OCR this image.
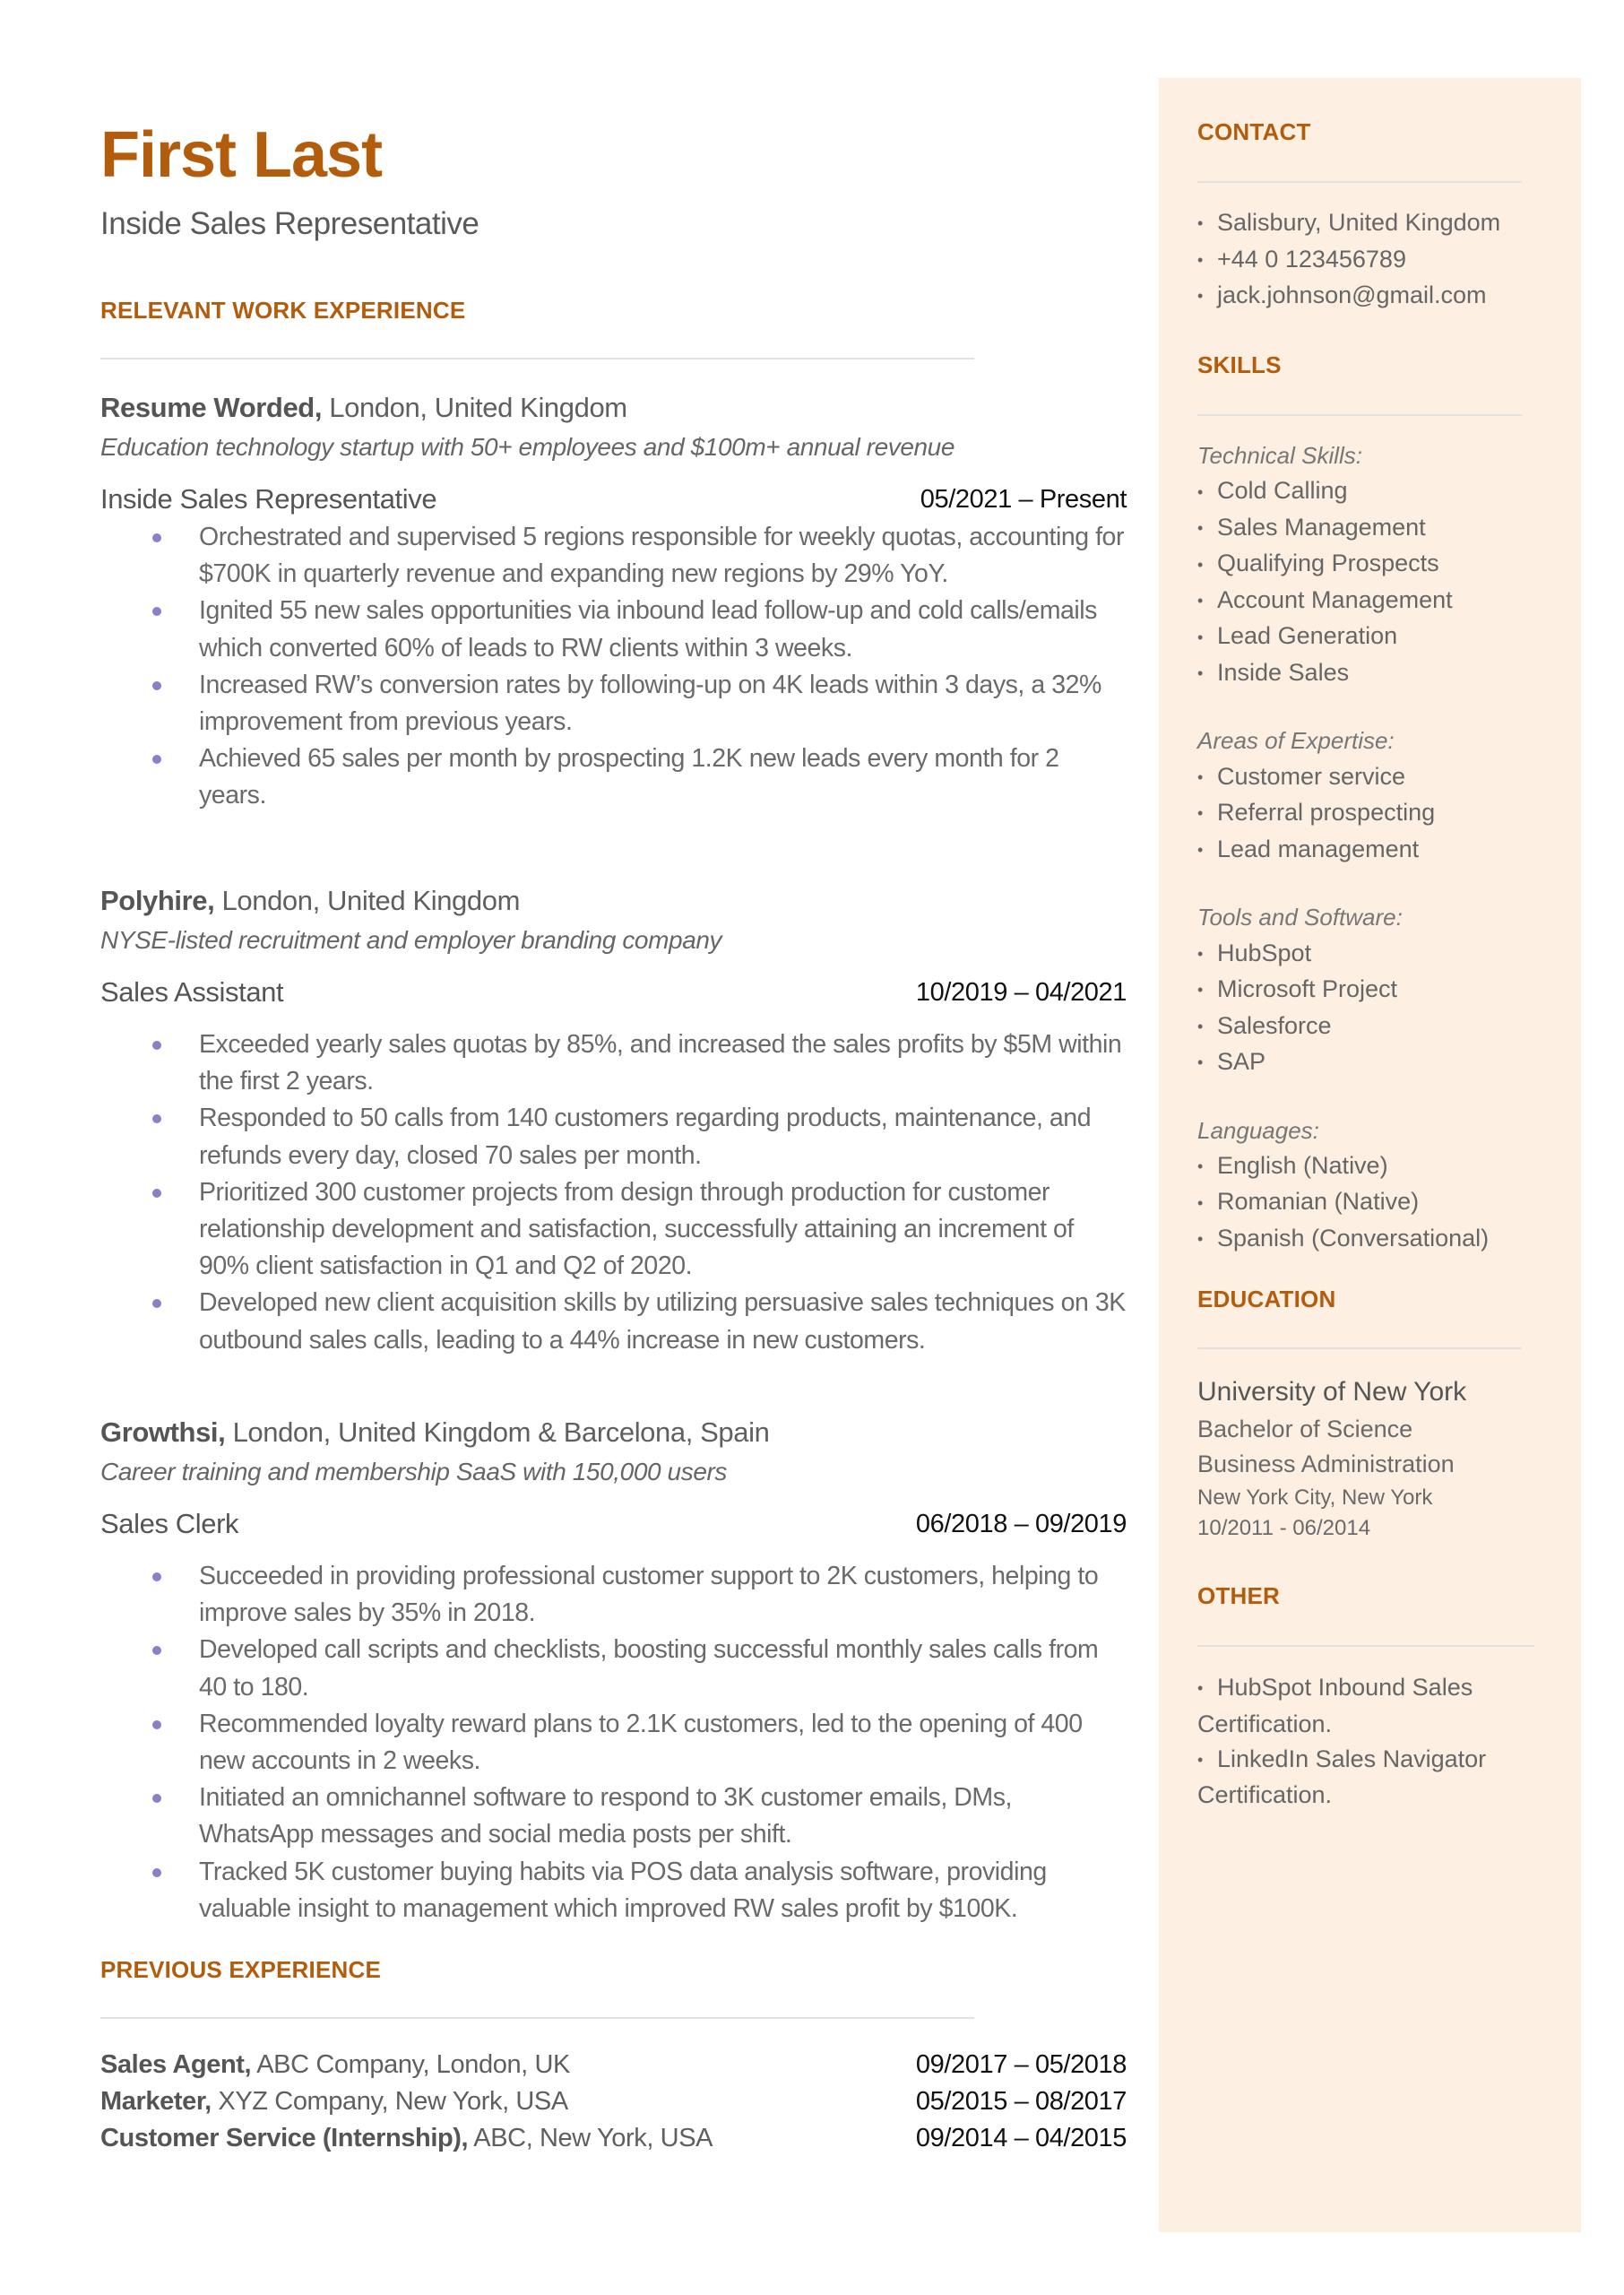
First Last
Inside Sales Representative
RELEVANT WORK EXPERIENCE
Resume Worded, London, United Kingdom
Education technology startup with 50+ employees and $100m+ annual revenue
Inside Sales Representative	05/2021 – Present
Orchestrated and supervised 5 regions responsible for weekly quotas, accounting for $700K in quarterly revenue and expanding new regions by 29% YoY.
Ignited 55 new sales opportunities via inbound lead follow-up and cold calls/emails which converted 60% of leads to RW clients within 3 weeks.
Increased RW’s conversion rates by following-up on 4K leads within 3 days, a 32% improvement from previous years.
Achieved 65 sales per month by prospecting 1.2K new leads every month for 2 years.
Polyhire, London, United Kingdom
NYSE-listed recruitment and employer branding company
Sales Assistant	10/2019 – 04/2021
Exceeded yearly sales quotas by 85%, and increased the sales profits by $5M within the first 2 years.
Responded to 50 calls from 140 customers regarding products, maintenance, and refunds every day, closed 70 sales per month.
Prioritized 300 customer projects from design through production for customer relationship development and satisfaction, successfully attaining an increment of 90% client satisfaction in Q1 and Q2 of 2020.
Developed new client acquisition skills by utilizing persuasive sales techniques on 3K outbound sales calls, leading to a 44% increase in new customers.
Growthsi, London, United Kingdom & Barcelona, Spain
Career training and membership SaaS with 150,000 users
Sales Clerk	06/2018 – 09/2019
Succeeded in providing professional customer support to 2K customers, helping to improve sales by 35% in 2018.
Developed call scripts and checklists, boosting successful monthly sales calls from 40 to 180.
Recommended loyalty reward plans to 2.1K customers, led to the opening of 400 new accounts in 2 weeks.
Initiated an omnichannel software to respond to 3K customer emails, DMs, WhatsApp messages and social media posts per shift.
Tracked 5K customer buying habits via POS data analysis software, providing valuable insight to management which improved RW sales profit by $100K.
PREVIOUS EXPERIENCE
Sales Agent, ABC Company, London, UK	09/2017 – 05/2018
Marketer, XYZ Company, New York, USA	05/2015 – 08/2017
Customer Service (Internship), ABC, New York, USA	09/2014 – 04/2015
CONTACT
• Salisbury, United Kingdom
• +44 0 123456789
• jack.johnson@gmail.com
SKILLS
Technical Skills:
• Cold Calling
• Sales Management
• Qualifying Prospects
• Account Management
• Lead Generation
• Inside Sales
Areas of Expertise:
• Customer service
• Referral prospecting
• Lead management
Tools and Software:
• HubSpot
• Microsoft Project
• Salesforce
• SAP
Languages:
• English (Native)
• Romanian (Native)
• Spanish (Conversational)
EDUCATION
University of New York
Bachelor of Science
Business Administration
New York City, New York
10/2011 - 06/2014
OTHER
• HubSpot Inbound Sales Certification.
• LinkedIn Sales Navigator Certification.
